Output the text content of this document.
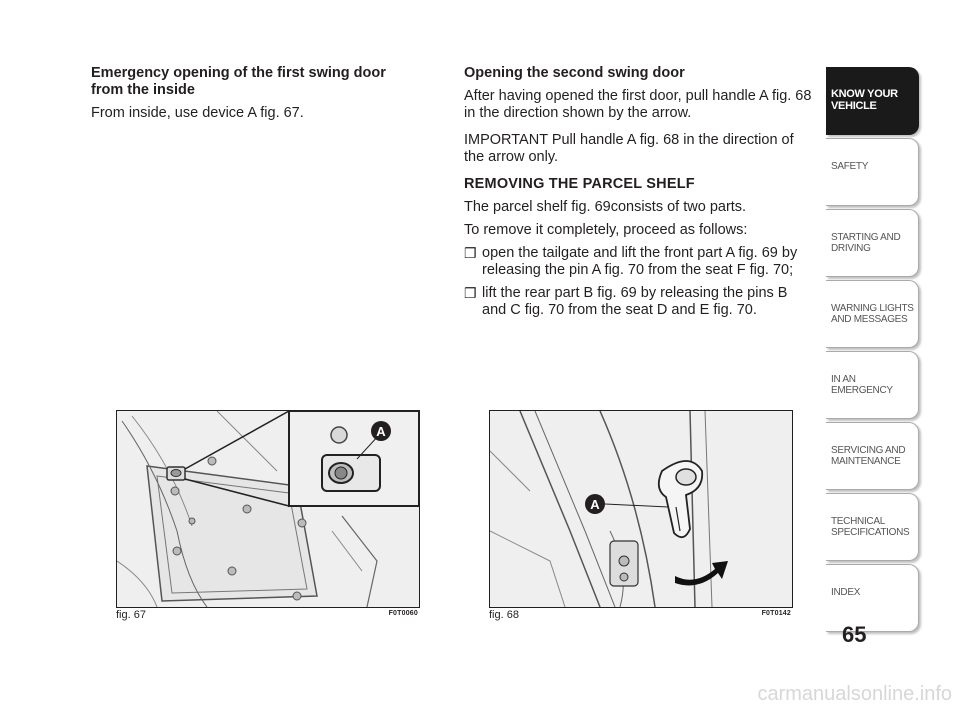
Emergency opening of the first swing door from the inside

From inside, use device A fig. 67.

Opening the second swing door

After having opened the first door, pull handle A fig. 68 in the direction shown by the arrow.

IMPORTANT Pull handle A fig. 68 in the direction of the arrow only.

REMOVING THE PARCEL SHELF

The parcel shelf fig. 69consists of two parts.

To remove it completely, proceed as follows:

❒ open the tailgate and lift the front part A fig. 69 by releasing the pin A fig. 70 from the seat F fig. 70;

❒ lift the rear part B fig. 69 by releasing the pins B and C fig. 70 from the seat D and E fig. 70.

A
fig. 67	F0T0060
A
fig. 68	F0T0142
KNOW YOUR VEHICLE
SAFETY
STARTING AND DRIVING
WARNING LIGHTS AND MESSAGES
IN AN EMERGENCY
SERVICING AND MAINTENANCE
TECHNICAL SPECIFICATIONS
INDEX
65
carmanualsonline.info
